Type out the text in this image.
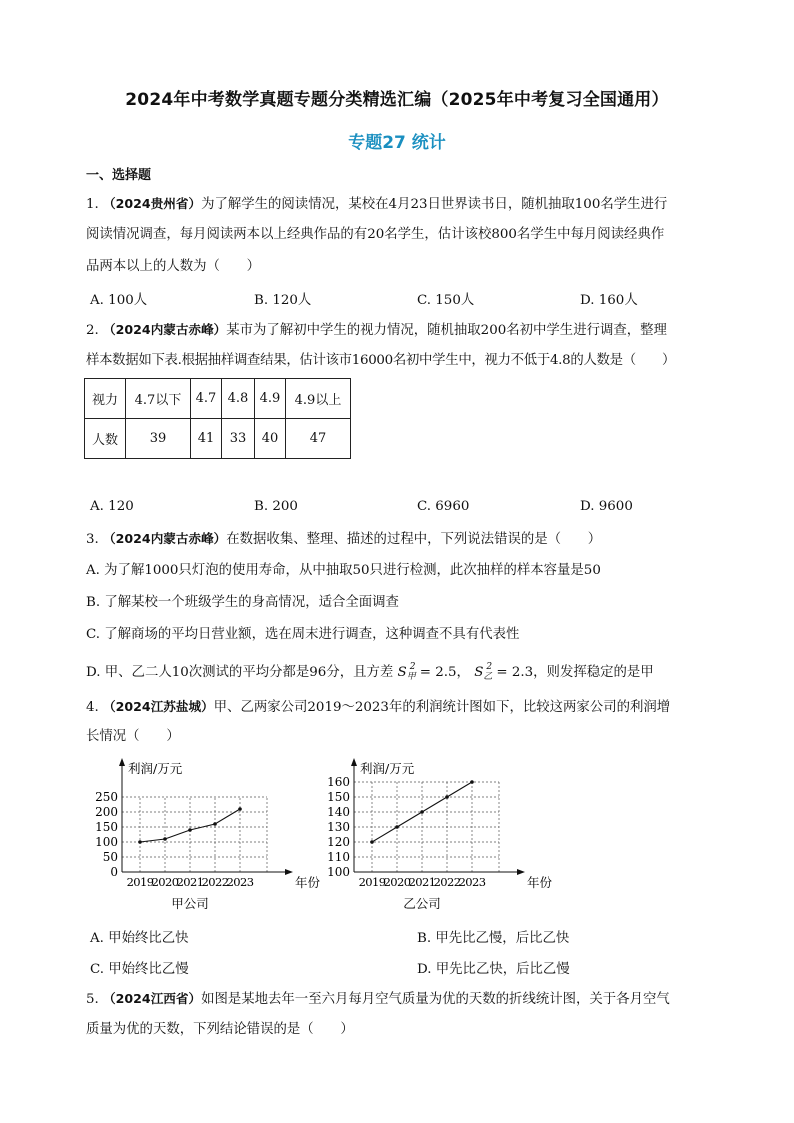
2024年中考数学真题专题分类精选汇编（2025年中考复习全国通用）
专题27 统计
一、选择题
1. （2024贵州省）为了解学生的阅读情况，某校在4月23日世界读书日，随机抽取100名学生进行
阅读情况调查，每月阅读两本以上经典作品的有20名学生，估计该校800名学生中每月阅读经典作
品两本以上的人数为（　　）
A. 100人	B. 120人	C. 150人	D. 160人
2. （2024内蒙古赤峰）某市为了解初中学生的视力情况，随机抽取200名初中学生进行调查，整理
样本数据如下表.根据抽样调查结果，估计该市16000名初中学生中，视力不低于4.8的人数是（　　）
视力	4.7以下	4.7	4.8	4.9	4.9以上
人数	39	41	33	40	47
A. 120	B. 200	C. 6960	D. 9600
3. （2024内蒙古赤峰）在数据收集、整理、描述的过程中，下列说法错误的是（　　）
A. 为了解1000只灯泡的使用寿命，从中抽取50只进行检测，此次抽样的样本容量是50
B. 了解某校一个班级学生的身高情况，适合全面调查
C. 了解商场的平均日营业额，选在周末进行调查，这种调查不具有代表性
D. 甲、乙二人10次测试的平均分都是96分，且方差 $S_甲^2 = 2.5$， $S_乙^2 = 2.3$，则发挥稳定的是甲
4. （2024江苏盐城）甲、乙两家公司2019～2023年的利润统计图如下，比较这两家公司的利润增
长情况（　　）
0
50
100
150
200
250
利润/万元
年份
2019
2020
2021
2022
2023
甲公司
100
110
120
130
140
150
160
利润/万元
年份
2019
2020
2021
2022
2023
乙公司
A. 甲始终比乙快	B. 甲先比乙慢，后比乙快
C. 甲始终比乙慢	D. 甲先比乙快，后比乙慢
5. （2024江西省）如图是某地去年一至六月每月空气质量为优的天数的折线统计图，关于各月空气
质量为优的天数，下列结论错误的是（　　）
